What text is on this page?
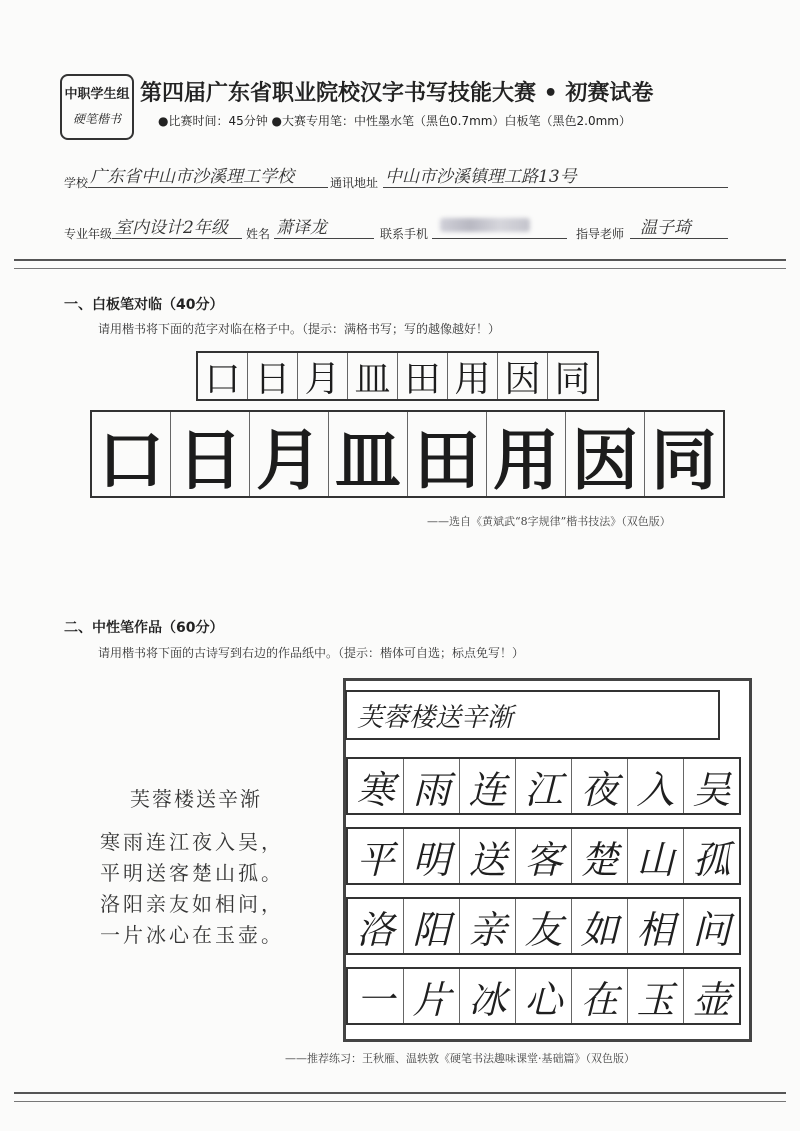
中职学生组
硬笔楷书
第四届广东省职业院校汉字书写技能大赛 • 初赛试卷
●比赛时间：45分钟 ●大赛专用笔：中性墨水笔（黑色0.7mm）白板笔（黑色2.0mm）
学校 广东省中山市沙溪理工学校	通讯地址 中山市沙溪镇理工路13号
专业年级 室内设计2年级 姓名 萧译龙	联系手机	指导老师 温子琦
一、白板笔对临（40分）
请用楷书将下面的范字对临在格子中。（提示：满格书写；写的越像越好！）
口 日 月 皿 田 用 因 同
口 日 月 皿 田 用 因 同
——选自《黄斌武“8字规律”楷书技法》（双色版）
二、中性笔作品（60分）
请用楷书将下面的古诗写到右边的作品纸中。（提示：楷体可自选；标点免写！）
芙蓉楼送辛渐
寒雨连江夜入吴，
平明送客楚山孤。
洛阳亲友如相问，
一片冰心在玉壶。
芙蓉楼送辛渐
寒 雨 连 江 夜 入 吴
平 明 送 客 楚 山 孤
洛 阳 亲 友 如 相 问
一 片 冰 心 在 玉 壶
——推荐练习：王秋雁、温轶敦《硬笔书法趣味课堂·基础篇》（双色版）
